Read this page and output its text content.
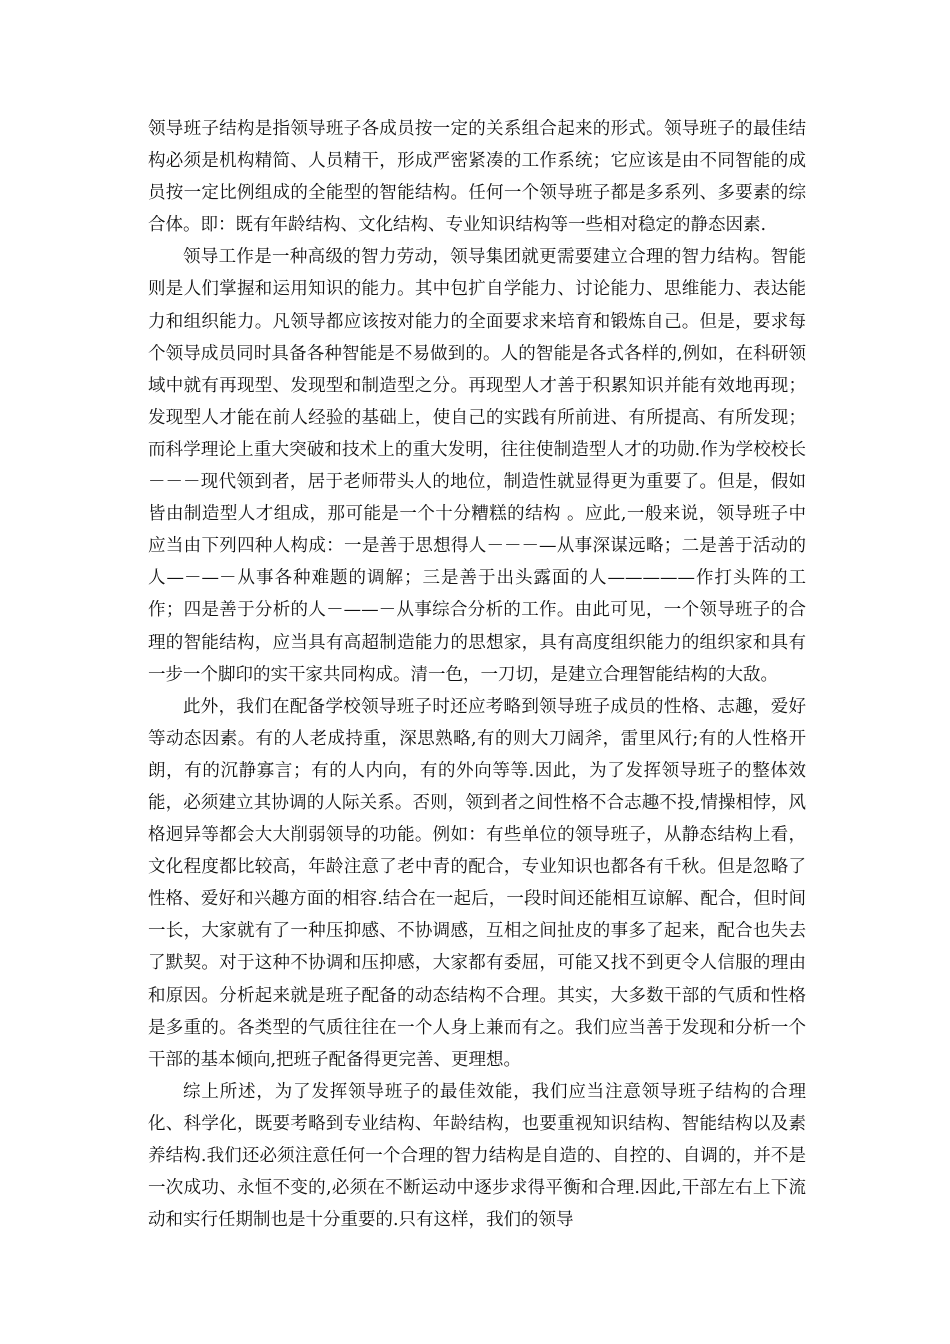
领导班子结构是指领导班子各成员按一定的关系组合起来的形式。领导班子的最佳结构必须是机构精简、人员精干，形成严密紧凑的工作系统；它应该是由不同智能的成员按一定比例组成的全能型的智能结构。任何一个领导班子都是多系列、多要素的综合体。即：既有年龄结构、文化结构、专业知识结构等一些相对稳定的静态因素.

领导工作是一种高级的智力劳动，领导集团就更需要建立合理的智力结构。智能则是人们掌握和运用知识的能力。其中包扩自学能力、讨论能力、思维能力、表达能力和组织能力。凡领导都应该按对能力的全面要求来培育和锻炼自己。但是，要求每个领导成员同时具备各种智能是不易做到的。人的智能是各式各样的,例如，在科研领域中就有再现型、发现型和制造型之分。再现型人才善于积累知识并能有效地再现；发现型人才能在前人经验的基础上，使自己的实践有所前进、有所提高、有所发现；而科学理论上重大突破和技术上的重大发明，往往使制造型人才的功勋.作为学校校长－－－现代领到者，居于老师带头人的地位，制造性就显得更为重要了。但是，假如皆由制造型人才组成，那可能是一个十分糟糕的结构 。应此,一般来说，领导班子中应当由下列四种人构成：一是善于思想得人－－－—从事深谋远略；二是善于活动的人—－—－从事各种难题的调解；三是善于出头露面的人—————作打头阵的工作；四是善于分析的人－——－从事综合分析的工作。由此可见，一个领导班子的合理的智能结构，应当具有高超制造能力的思想家，具有高度组织能力的组织家和具有一步一个脚印的实干家共同构成。清一色，一刀切，是建立合理智能结构的大敌。

此外，我们在配备学校领导班子时还应考略到领导班子成员的性格、志趣，爱好等动态因素。有的人老成持重，深思熟略,有的则大刀阔斧，雷里风行;有的人性格开朗，有的沉静寡言；有的人内向，有的外向等等.因此，为了发挥领导班子的整体效能，必须建立其协调的人际关系。否则，领到者之间性格不合志趣不投,情操相悖，风格迥异等都会大大削弱领导的功能。例如：有些单位的领导班子，从静态结构上看，文化程度都比较高，年龄注意了老中青的配合，专业知识也都各有千秋。但是忽略了性格、爱好和兴趣方面的相容.结合在一起后，一段时间还能相互谅解、配合，但时间一长，大家就有了一种压抑感、不协调感，互相之间扯皮的事多了起来，配合也失去了默契。对于这种不协调和压抑感，大家都有委屈，可能又找不到更令人信服的理由和原因。分析起来就是班子配备的动态结构不合理。其实，大多数干部的气质和性格是多重的。各类型的气质往往在一个人身上兼而有之。我们应当善于发现和分析一个干部的基本倾向,把班子配备得更完善、更理想。

综上所述，为了发挥领导班子的最佳效能，我们应当注意领导班子结构的合理化、科学化，既要考略到专业结构、年龄结构，也要重视知识结构、智能结构以及素养结构.我们还必须注意任何一个合理的智力结构是自造的、自控的、自调的，并不是一次成功、永恒不变的,必须在不断运动中逐步求得平衡和合理.因此,干部左右上下流动和实行任期制也是十分重要的.只有这样，我们的领导
